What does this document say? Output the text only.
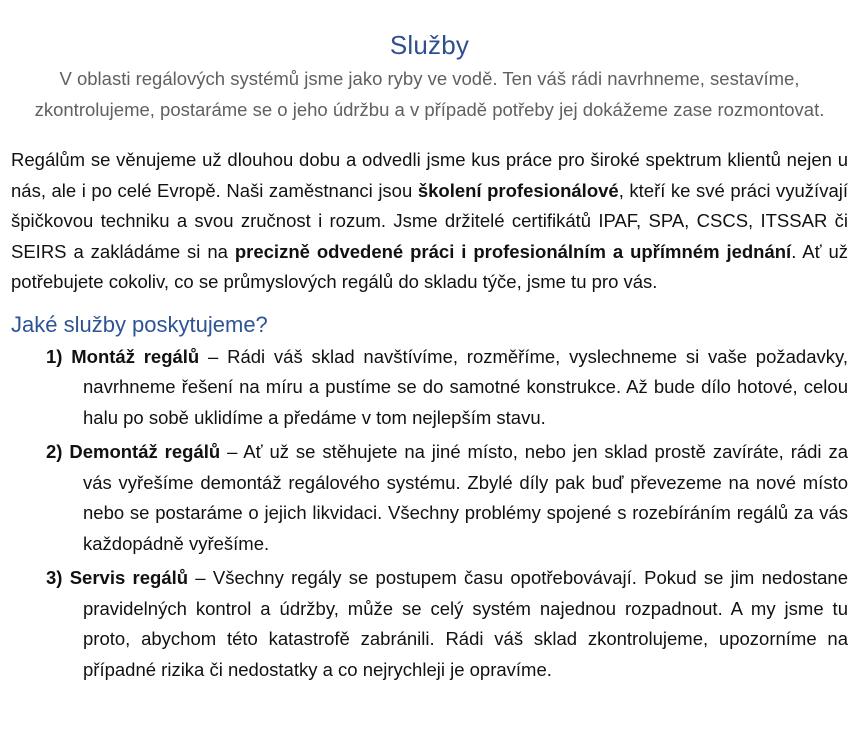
Služby

V oblasti regálových systémů jsme jako ryby ve vodě. Ten váš rádi navrhneme, sestavíme, zkontrolujeme, postaráme se o jeho údržbu a v případě potřeby jej dokážeme zase rozmontovat.

Regálům se věnujeme už dlouhou dobu a odvedli jsme kus práce pro široké spektrum klientů nejen u nás, ale i po celé Evropě. Naši zaměstnanci jsou školení profesionálové, kteří ke své práci využívají špičkovou techniku a svou zručnost i rozum. Jsme držitelé certifikátů IPAF, SPA, CSCS, ITSSAR či SEIRS a zakládáme si na precizně odvedené práci i profesionálním a upřímném jednání. Ať už potřebujete cokoliv, co se průmyslových regálů do skladu týče, jsme tu pro vás.

Jaké služby poskytujeme?
1) Montáž regálů – Rádi váš sklad navštívíme, rozměříme, vyslechneme si vaše požadavky, navrhneme řešení na míru a pustíme se do samotné konstrukce. Až bude dílo hotové, celou halu po sobě uklidíme a předáme v tom nejlepším stavu.
2) Demontáž regálů – Ať už se stěhujete na jiné místo, nebo jen sklad prostě zavíráte, rádi za vás vyřešíme demontáž regálového systému. Zbylé díly pak buď převezeme na nové místo nebo se postaráme o jejich likvidaci. Všechny problémy spojené s rozebíráním regálů za vás každopádně vyřešíme.
3) Servis regálů – Všechny regály se postupem času opotřebovávají. Pokud se jim nedostane pravidelných kontrol a údržby, může se celý systém najednou rozpadnout. A my jsme tu proto, abychom této katastrofě zabránili. Rádi váš sklad zkontrolujeme, upozorníme na případné rizika či nedostatky a co nejrychleji je opravíme.
